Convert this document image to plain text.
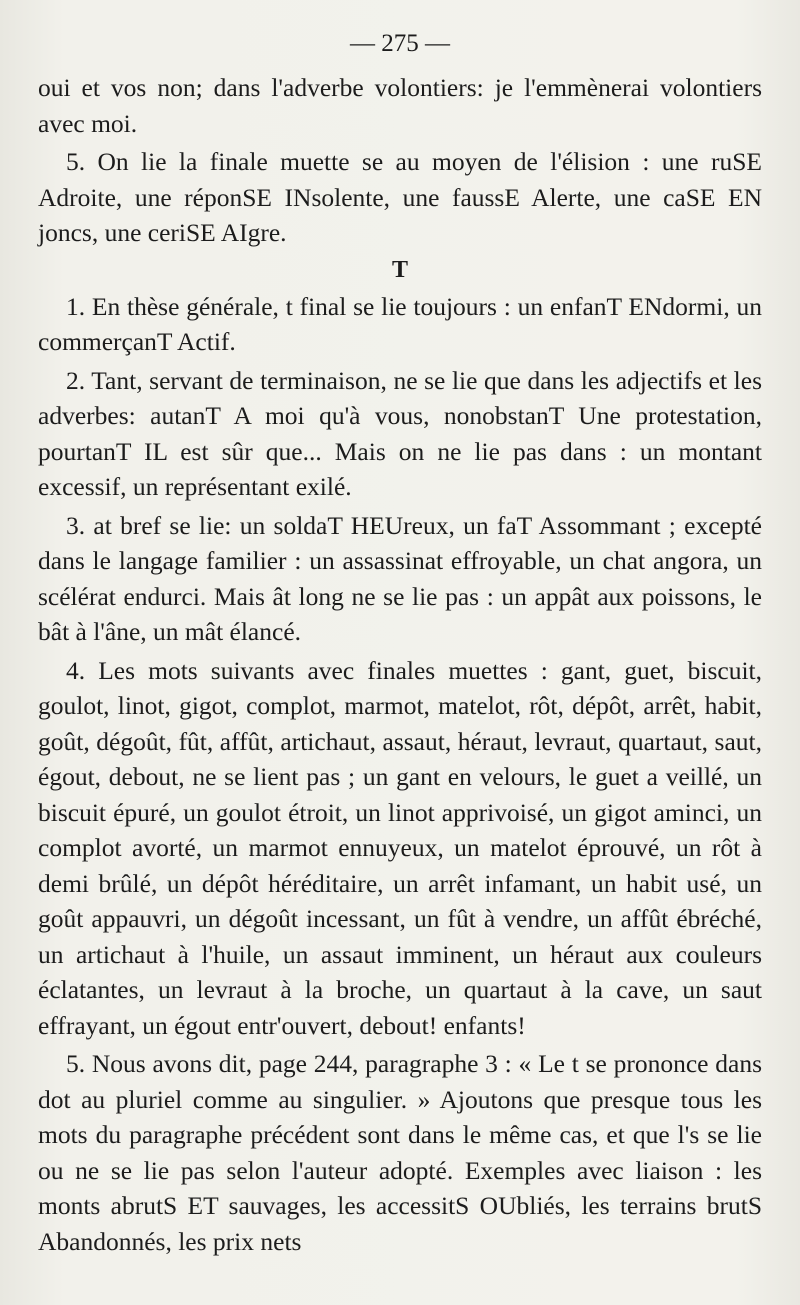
— 275 —

oui et vos non; dans l'adverbe volontiers: je l'emmènerai volontiers avec moi.

5. On lie la finale muette se au moyen de l'élision : une ruSE Adroite, une réponSE INsolente, une faussE Alerte, une caSE EN joncs, une ceriSE AIgre.

T

1. En thèse générale, t final se lie toujours : un enfanT ENdormi, un commerçanT Actif.

2. Tant, servant de terminaison, ne se lie que dans les adjectifs et les adverbes: autanT A moi qu'à vous, nonobstanT Une protestation, pourtanT IL est sûr que... Mais on ne lie pas dans : un montant excessif, un représentant exilé.

3. at bref se lie: un soldaT HEUreux, un faT Assommant ; excepté dans le langage familier : un assassinat effroyable, un chat angora, un scélérat endurci. Mais ât long ne se lie pas : un appât aux poissons, le bât à l'âne, un mât élancé.

4. Les mots suivants avec finales muettes : gant, guet, biscuit, goulot, linot, gigot, complot, marmot, matelot, rôt, dépôt, arrêt, habit, goût, dégoût, fût, affût, artichaut, assaut, héraut, levraut, quartaut, saut, égout, debout, ne se lient pas ; un gant en velours, le guet a veillé, un biscuit épuré, un goulot étroit, un linot apprivoisé, un gigot aminci, un complot avorté, un marmot ennuyeux, un matelot éprouvé, un rôt à demi brûlé, un dépôt héréditaire, un arrêt infamant, un habit usé, un goût appauvri, un dégoût incessant, un fût à vendre, un affût ébréché, un artichaut à l'huile, un assaut imminent, un héraut aux couleurs éclatantes, un levraut à la broche, un quartaut à la cave, un saut effrayant, un égout entr'ouvert, debout! enfants!

5. Nous avons dit, page 244, paragraphe 3 : « Le t se prononce dans dot au pluriel comme au singulier. » Ajoutons que presque tous les mots du paragraphe précédent sont dans le même cas, et que l's se lie ou ne se lie pas selon l'auteur adopté. Exemples avec liaison : les monts abrutS ET sauvages, les accessitS OUbliés, les terrains brutS Abandonnés, les prix nets
